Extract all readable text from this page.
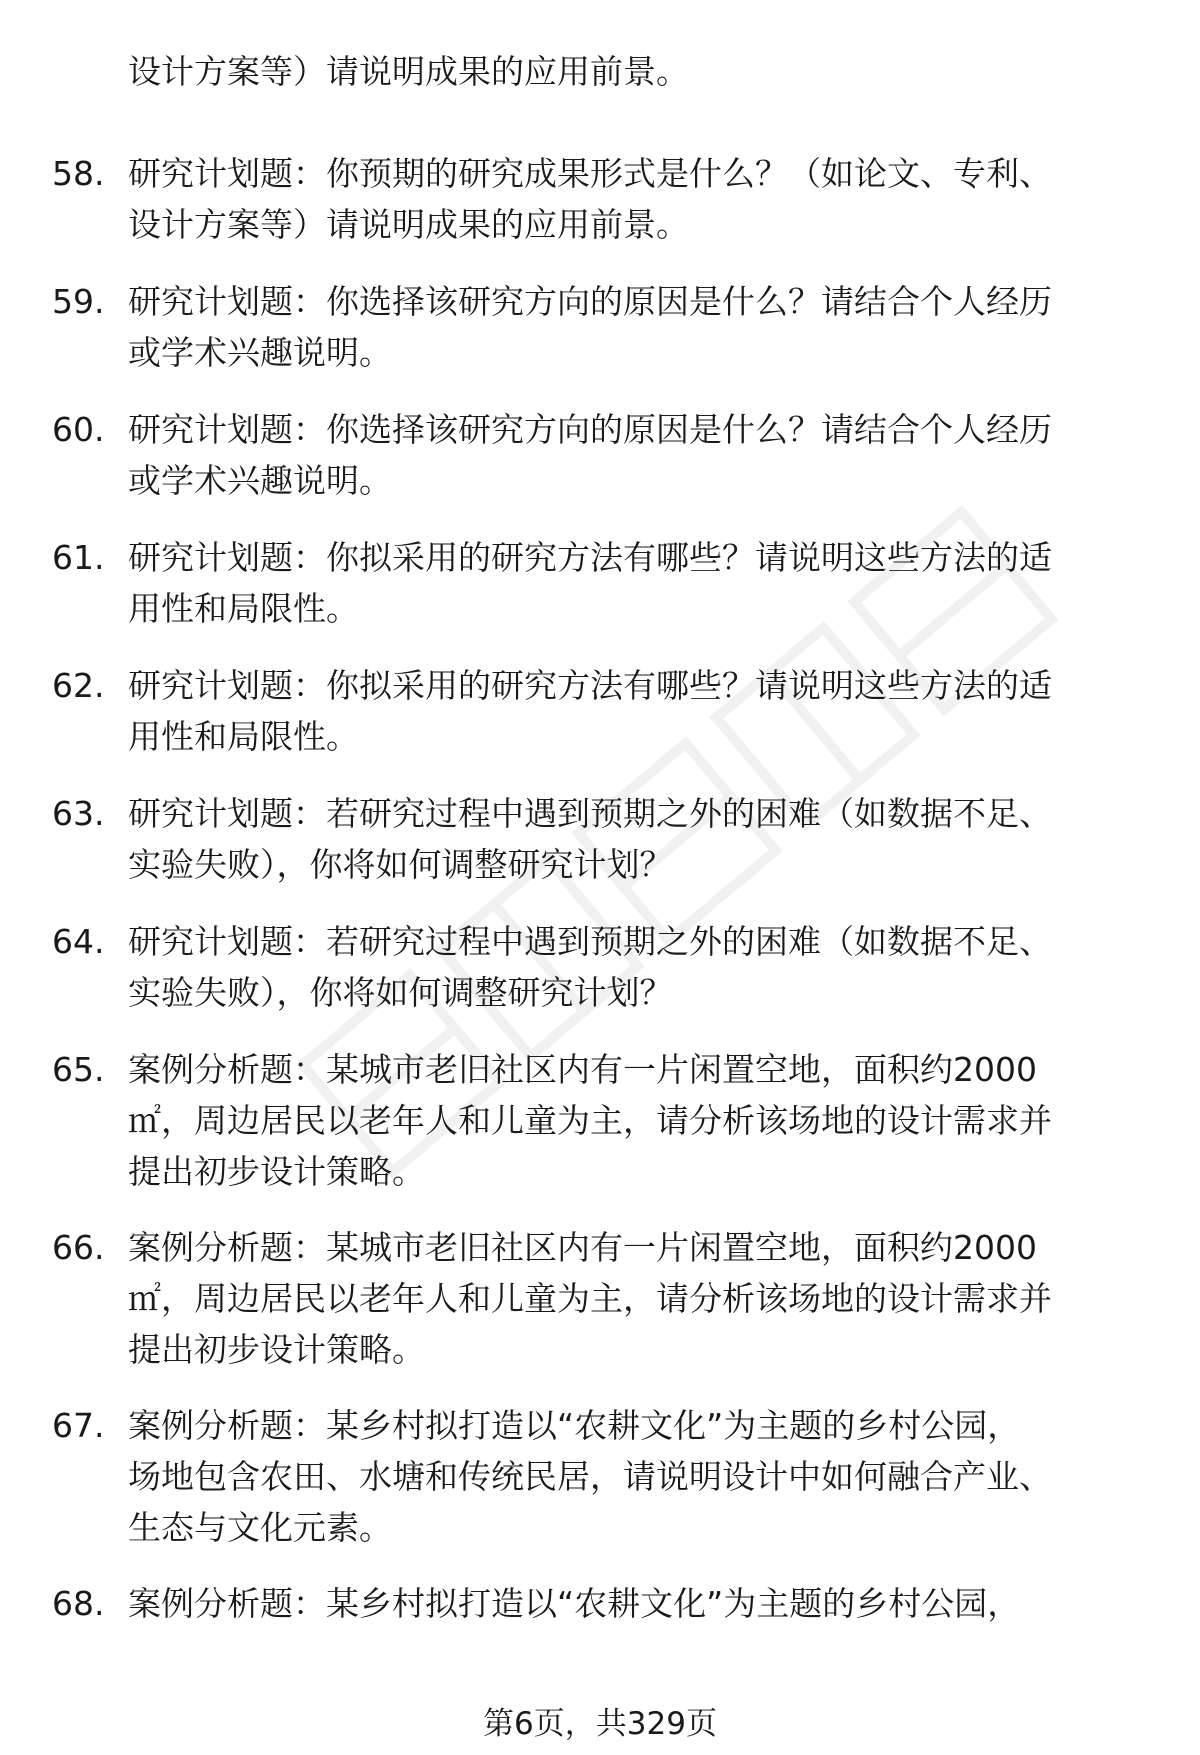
设计方案等）请说明成果的应用前景。
58. 研究计划题：你预期的研究成果形式是什么？（如论文、专利、
设计方案等）请说明成果的应用前景。
59. 研究计划题：你选择该研究方向的原因是什么？请结合个人经历
或学术兴趣说明。
60. 研究计划题：你选择该研究方向的原因是什么？请结合个人经历
或学术兴趣说明。
61. 研究计划题：你拟采用的研究方法有哪些？请说明这些方法的适
用性和局限性。
62. 研究计划题：你拟采用的研究方法有哪些？请说明这些方法的适
用性和局限性。
63. 研究计划题：若研究过程中遇到预期之外的困难（如数据不足、
实验失败），你将如何调整研究计划？
64. 研究计划题：若研究过程中遇到预期之外的困难（如数据不足、
实验失败），你将如何调整研究计划？
65. 案例分析题：某城市老旧社区内有一片闲置空地，面积约2000
㎡，周边居民以老年人和儿童为主，请分析该场地的设计需求并
提出初步设计策略。
66. 案例分析题：某城市老旧社区内有一片闲置空地，面积约2000
㎡，周边居民以老年人和儿童为主，请分析该场地的设计需求并
提出初步设计策略。
67. 案例分析题：某乡村拟打造以“农耕文化”为主题的乡村公园，
场地包含农田、水塘和传统民居，请说明设计中如何融合产业、
生态与文化元素。
68. 案例分析题：某乡村拟打造以“农耕文化”为主题的乡村公园，
第6页，共329页
